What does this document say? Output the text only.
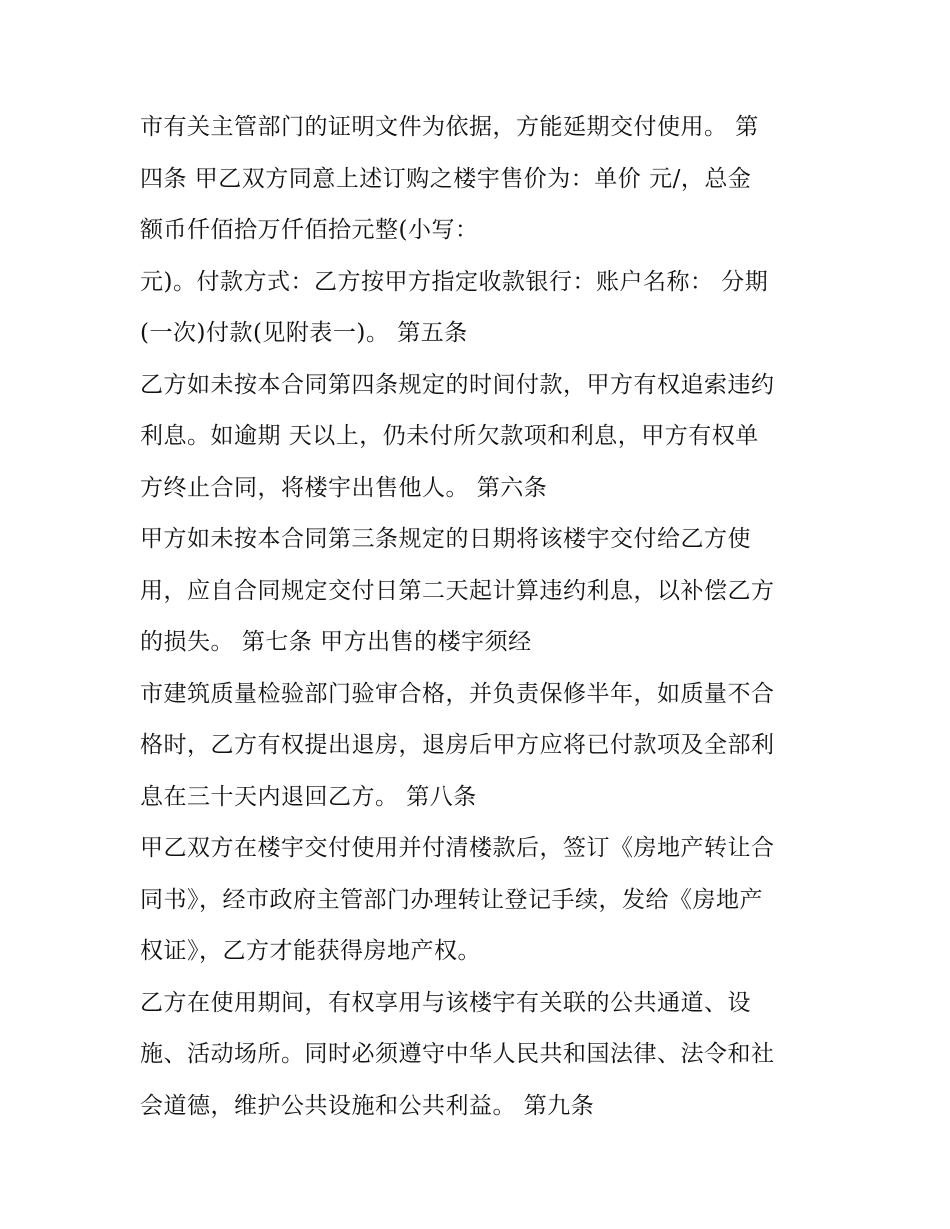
市有关主管部门的证明文件为依据，方能延期交付使用。 第
四条 甲乙双方同意上述订购之楼宇售价为：单价 元/，总金
额币仟佰拾万仟佰拾元整(小写：
元)。付款方式：乙方按甲方指定收款银行：账户名称： 分期
(一次)付款(见附表一)。 第五条
乙方如未按本合同第四条规定的时间付款，甲方有权追索违约
利息。如逾期 天以上，仍未付所欠款项和利息，甲方有权单
方终止合同，将楼宇出售他人。 第六条
甲方如未按本合同第三条规定的日期将该楼宇交付给乙方使
用，应自合同规定交付日第二天起计算违约利息，以补偿乙方
的损失。 第七条 甲方出售的楼宇须经
市建筑质量检验部门验审合格，并负责保修半年，如质量不合
格时，乙方有权提出退房，退房后甲方应将已付款项及全部利
息在三十天内退回乙方。 第八条
甲乙双方在楼宇交付使用并付清楼款后，签订《房地产转让合
同书》，经市政府主管部门办理转让登记手续，发给《房地产
权证》，乙方才能获得房地产权。
乙方在使用期间，有权享用与该楼宇有关联的公共通道、设
施、活动场所。同时必须遵守中华人民共和国法律、法令和社
会道德，维护公共设施和公共利益。 第九条
